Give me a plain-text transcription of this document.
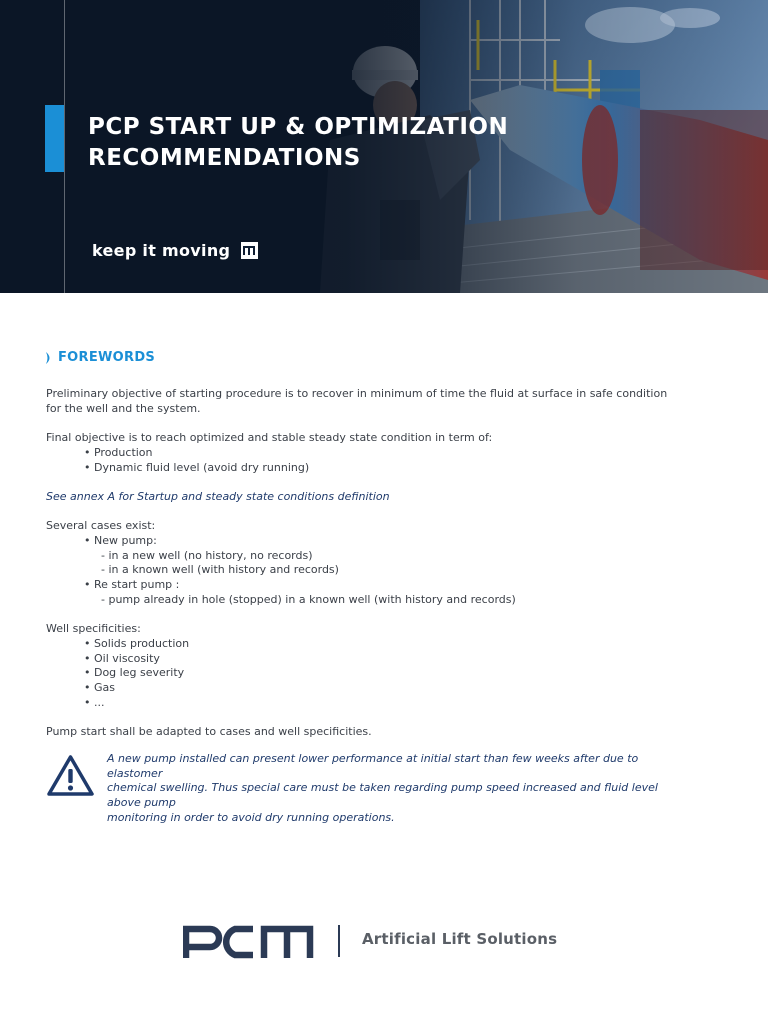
PCP START UP & OPTIMIZATION
RECOMMENDATIONS
keep it moving
FOREWORDS

Preliminary objective of starting procedure is to recover in minimum of time the fluid at surface in safe condition

for the well and the system.

Final objective is to reach optimized and stable steady state condition in term of:

• Production

• Dynamic fluid level (avoid dry running)

See annex A for Startup and steady state conditions definition

Several cases exist:

• New pump:

- in a new well (no history, no records)

- in a known well (with history and records)

• Re start pump :

- pump already in hole (stopped) in a known well (with history and records)

Well specificities:

• Solids production

• Oil viscosity

• Dog leg severity

• Gas

• ...

Pump start shall be adapted to cases and well specificities.

A new pump installed can present lower performance at initial start than few weeks after due to elastomer
chemical swelling. Thus special care must be taken regarding pump speed increased and fluid level above pump
monitoring in order to avoid dry running operations.
Artificial Lift Solutions
